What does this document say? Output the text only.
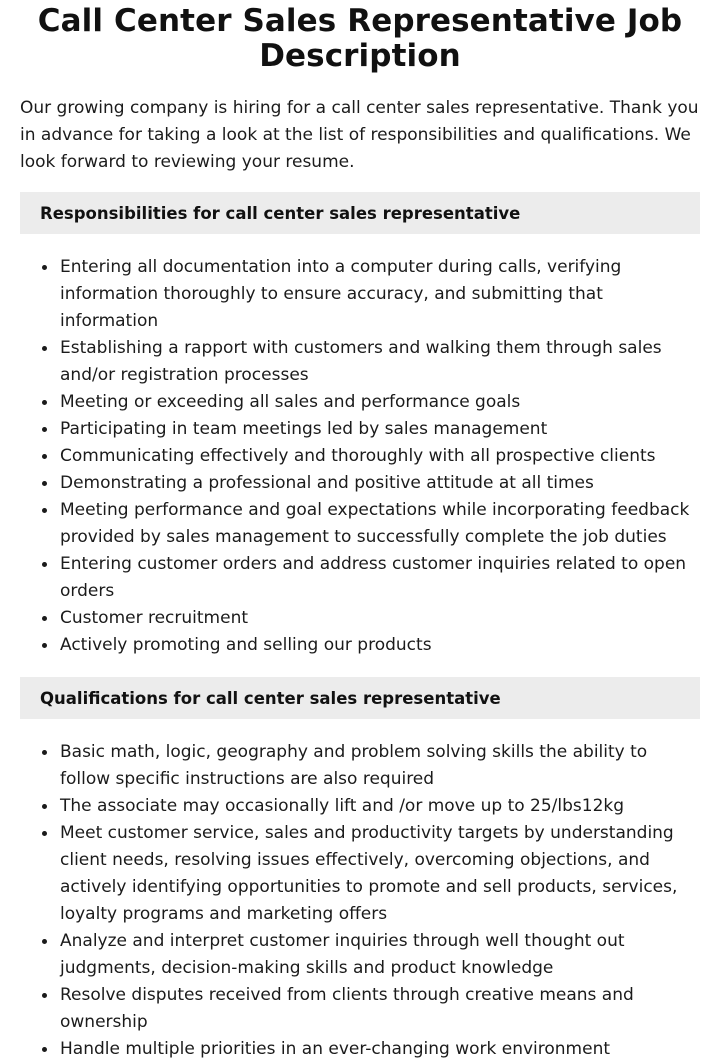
Call Center Sales Representative Job Description

Our growing company is hiring for a call center sales representative. Thank you in advance for taking a look at the list of responsibilities and qualifications. We look forward to reviewing your resume.

Responsibilities for call center sales representative
Entering all documentation into a computer during calls, verifying information thoroughly to ensure accuracy, and submitting that information
Establishing a rapport with customers and walking them through sales and/or registration processes
Meeting or exceeding all sales and performance goals
Participating in team meetings led by sales management
Communicating effectively and thoroughly with all prospective clients
Demonstrating a professional and positive attitude at all times
Meeting performance and goal expectations while incorporating feedback provided by sales management to successfully complete the job duties
Entering customer orders and address customer inquiries related to open orders
Customer recruitment
Actively promoting and selling our products
Qualifications for call center sales representative
Basic math, logic, geography and problem solving skills the ability to follow specific instructions are also required
The associate may occasionally lift and /or move up to 25/lbs12kg
Meet customer service, sales and productivity targets by understanding client needs, resolving issues effectively, overcoming objections, and actively identifying opportunities to promote and sell products, services, loyalty programs and marketing offers
Analyze and interpret customer inquiries through well thought out judgments, decision-making skills and product knowledge
Resolve disputes received from clients through creative means and ownership
Handle multiple priorities in an ever-changing work environment
